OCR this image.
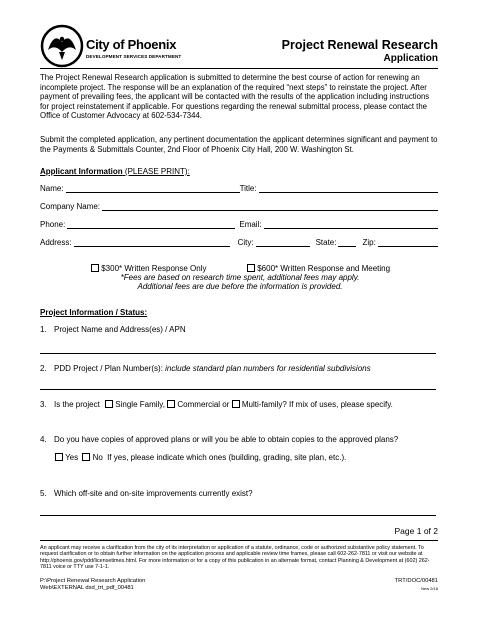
City of Phoenix
DEVELOPMENT SERVICES DEPARTMENT
Project Renewal Research
Application
The Project Renewal Research application is submitted to determine the best course of action for renewing an incomplete project. The response will be an explanation of the required “next steps” to reinstate the project. After payment of prevailing fees, the applicant will be contacted with the results of the application including instructions for project reinstatement if applicable. For questions regarding the renewal submittal process, please contact the Office of Customer Advocacy at 602-534-7344.
Submit the completed application, any pertinent documentation the applicant determines significant and payment to the Payments & Submittals Counter, 2nd Floor of Phoenix City Hall, 200 W. Washington St.
Applicant Information (PLEASE PRINT):
Name:	Title:
Company Name:
Phone:	Email:
Address:	City:	State:	Zip:
$300* Written Response Only	$600* Written Response and Meeting
*Fees are based on research time spent, additional fees may apply.
Additional fees are due before the information is provided.
Project Information / Status:
1. Project Name and Address(es) / APN
2. PDD Project / Plan Number(s): include standard plan numbers for residential subdivisions
3. Is the project Single Family, Commercial or Multi-family? If mix of uses, please specify.
4. Do you have copies of approved plans or will you be able to obtain copies to the approved plans?
Yes No If yes, please indicate which ones (building, grading, site plan, etc.).
5. Which off-site and on-site improvements currently exist?
Page 1 of 2
An applicant may receive a clarification from the city of its interpretation or application of a statute, ordinance, code or authorized substantive policy statement. To request clarification or to obtain further information on the application process and applicable review time frames, please call 602-262-7811 or visit our website at http://phoenix.gov/pdd/licensetimes.html. For more information or for a copy of this publication in an alternate format, contact Planning & Development at (602) 262-7811 voice or TTY use 7-1-1.
P:\Project Renewal Research Application
Web\EXTERNAL dsd_trt_pdf_00481
TRT/DOC/00481
New 2/18
